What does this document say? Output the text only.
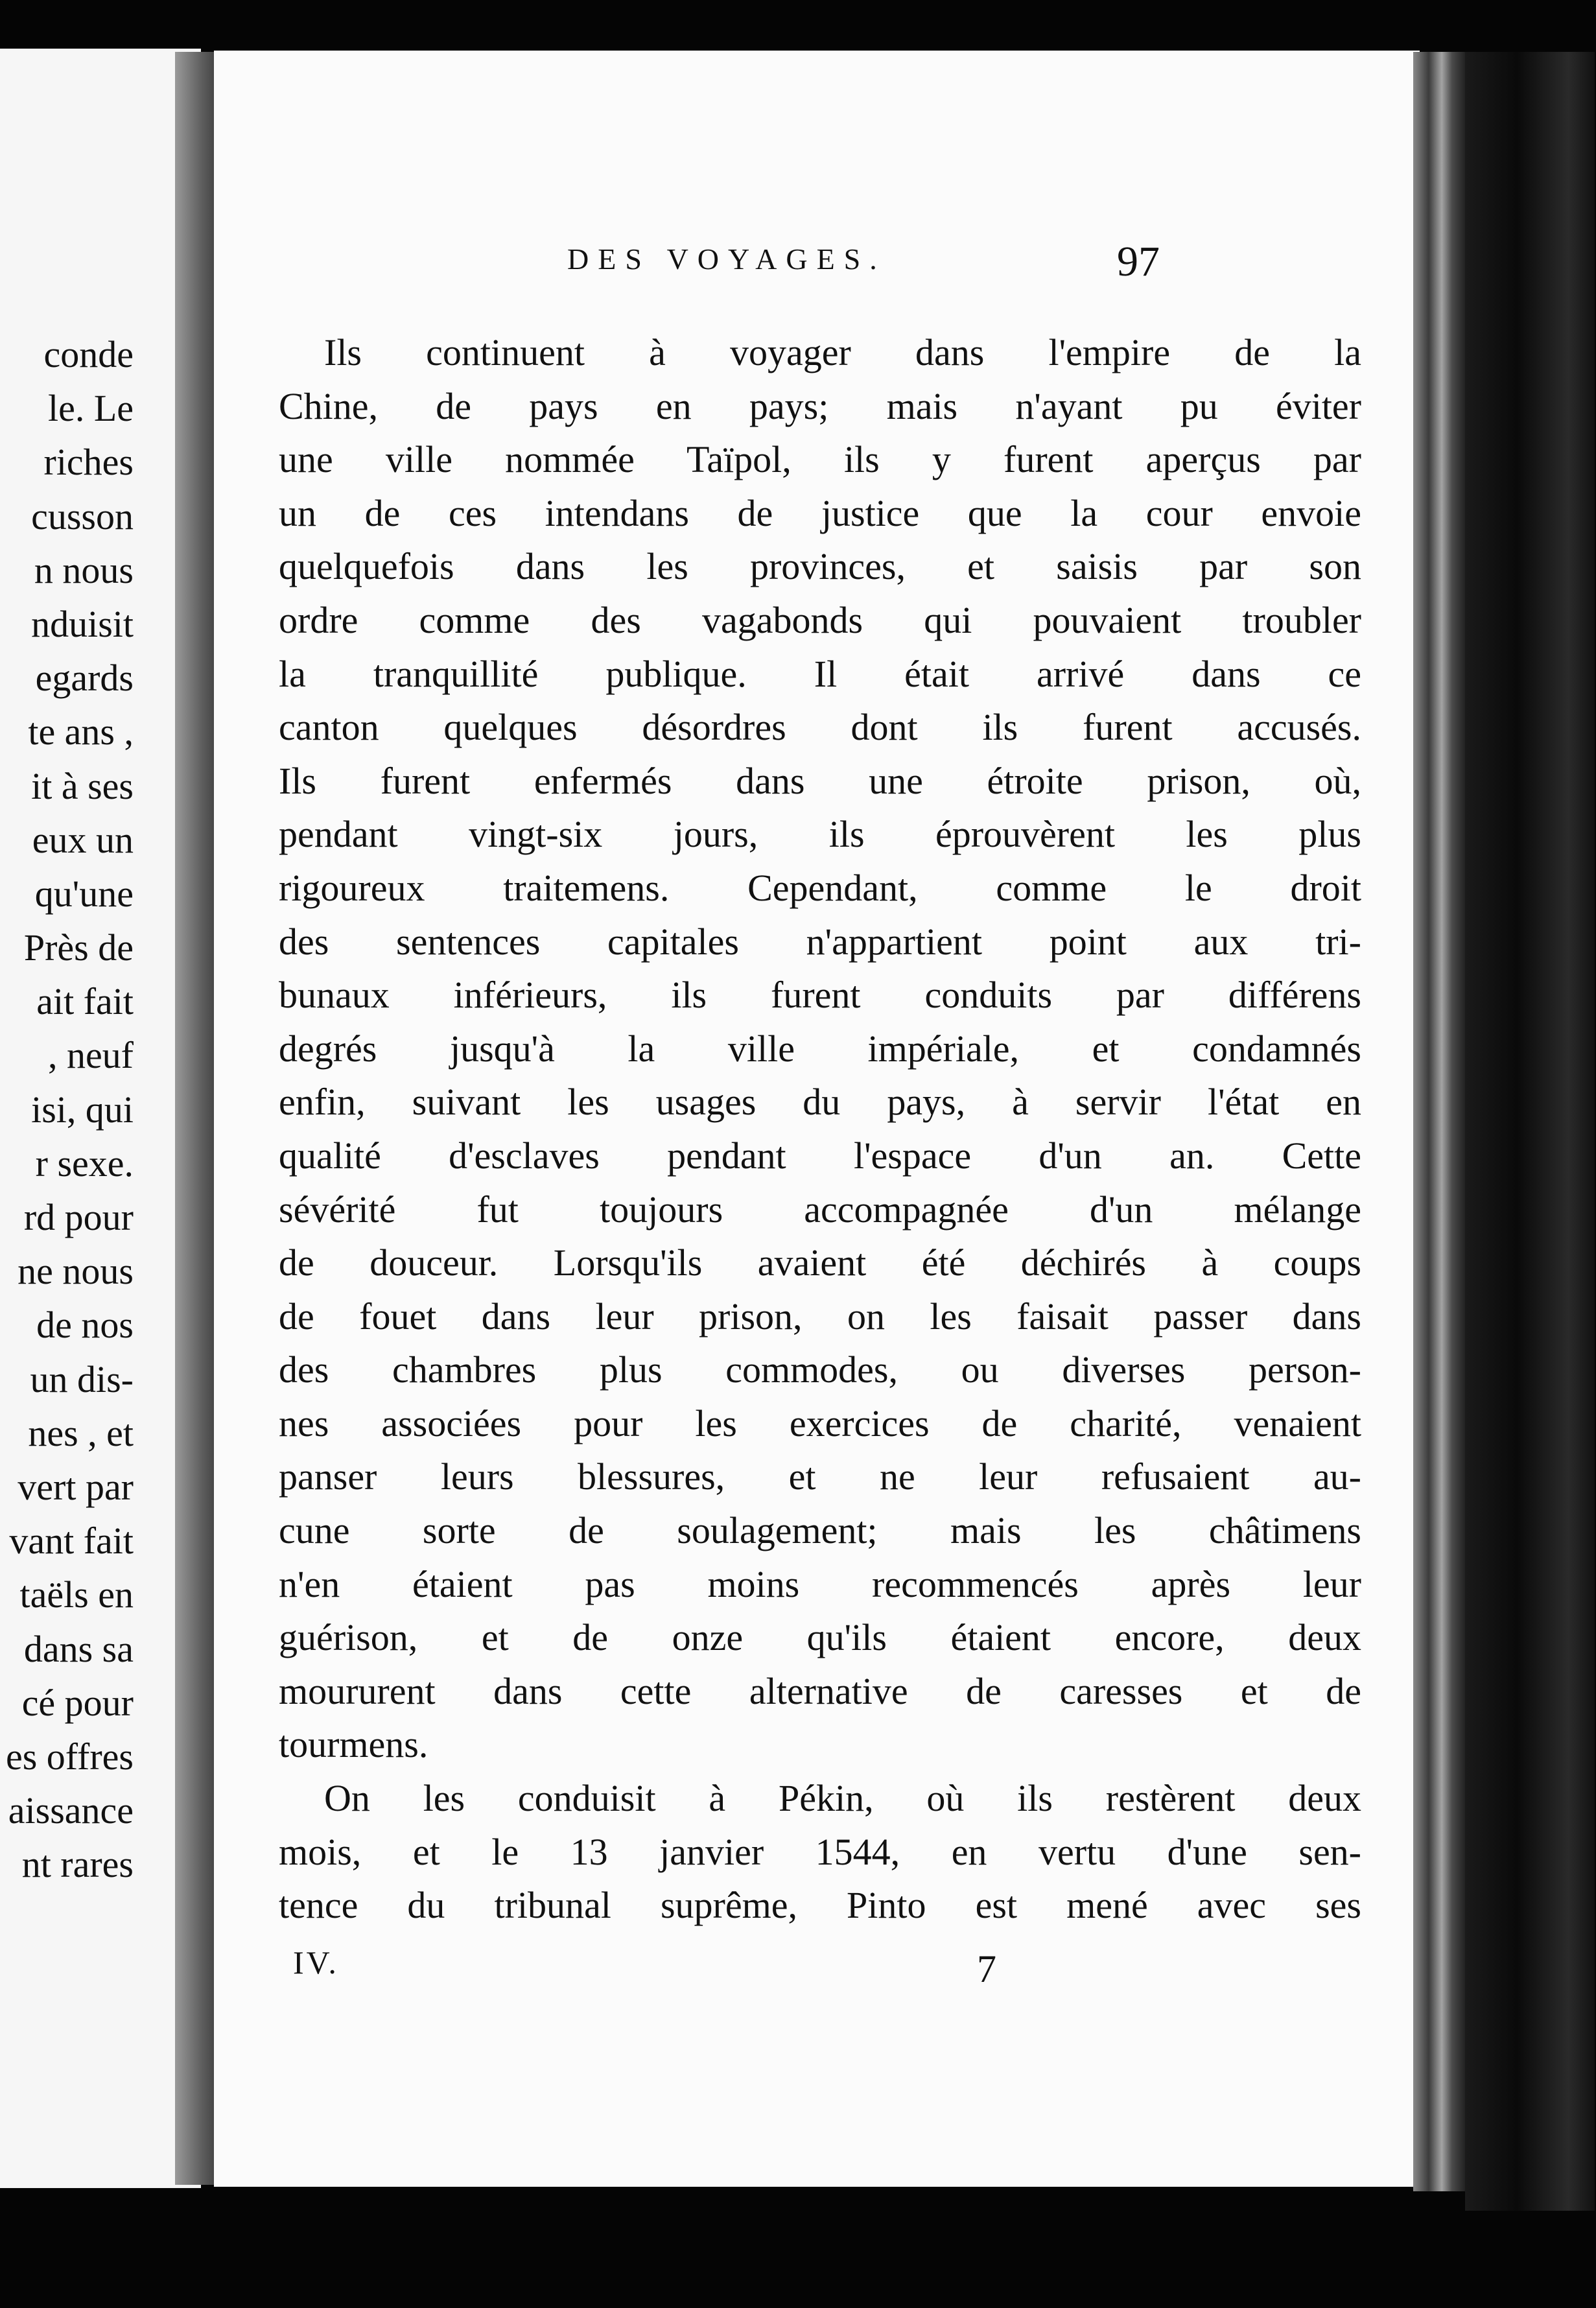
conde
le. Le
riches
cusson
n nous
nduisit
egards
te ans ,
it à ses
eux un
qu'une
Près de
ait fait
, neuf
isi, qui
r sexe.
rd pour
ne nous
de nos
un dis-
nes , et
vert par
vant fait
taëls en
dans sa
cé pour
es offres
aissance
nt rares
DES VOYAGES.	97
Ils continuent à voyager dans l'empire de la
Chine, de pays en pays; mais n'ayant pu éviter
une ville nommée Taïpol, ils y furent aperçus par
un de ces intendans de justice que la cour envoie
quelquefois dans les provinces, et saisis par son
ordre comme des vagabonds qui pouvaient troubler
la tranquillité publique. Il était arrivé dans ce
canton quelques désordres dont ils furent accusés.
Ils furent enfermés dans une étroite prison, où,
pendant vingt-six jours, ils éprouvèrent les plus
rigoureux traitemens. Cependant, comme le droit
des sentences capitales n'appartient point aux tri-
bunaux inférieurs, ils furent conduits par différens
degrés jusqu'à la ville impériale, et condamnés
enfin, suivant les usages du pays, à servir l'état en
qualité d'esclaves pendant l'espace d'un an. Cette
sévérité fut toujours accompagnée d'un mélange
de douceur. Lorsqu'ils avaient été déchirés à coups
de fouet dans leur prison, on les faisait passer dans
des chambres plus commodes, ou diverses person-
nes associées pour les exercices de charité, venaient
panser leurs blessures, et ne leur refusaient au-
cune sorte de soulagement; mais les châtimens
n'en étaient pas moins recommencés après leur
guérison, et de onze qu'ils étaient encore, deux
moururent dans cette alternative de caresses et de
tourmens.
On les conduisit à Pékin, où ils restèrent deux
mois, et le 13 janvier 1544, en vertu d'une sen-
tence du tribunal suprême, Pinto est mené avec ses
IV.	7
